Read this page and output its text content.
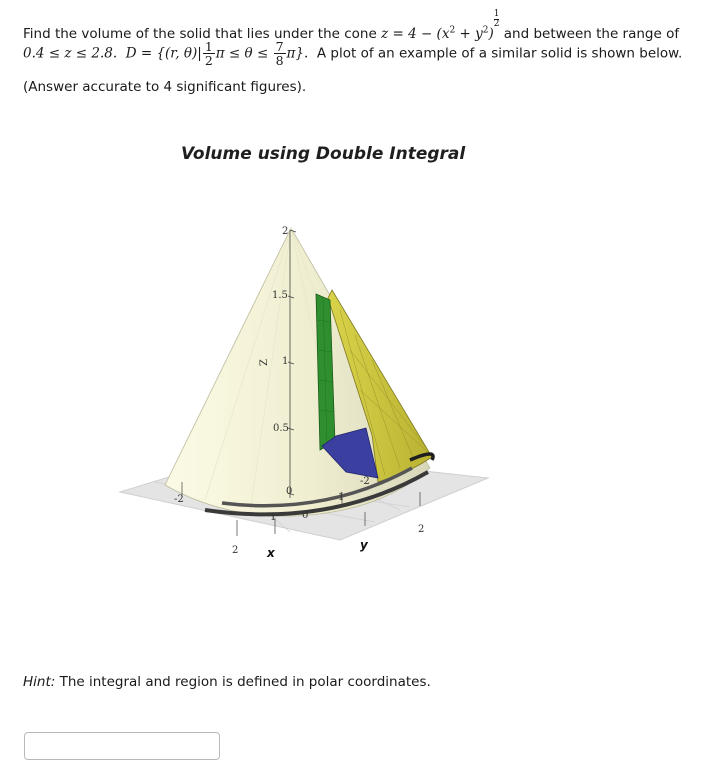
Find the volume of the solid that lies under the cone $z = 4 - (x^2 + y^2)$
$\frac{1}{2}$
and between the range of
0.4 ≤ z ≤ 2.8. D = {(r, $\theta)| \frac{1}{2}$ $\pi \le \theta \le \frac{7}{8} \pi$}. A plot of an example of a similar solid is shown below.
(Answer accurate to 4 significant figures).
Volume using Double Integral
2
1.5
1
0.5
0
Z
-2
2
-2
2
1	0
1
x
y
Hint: The integral and region is defined in polar coordinates.
